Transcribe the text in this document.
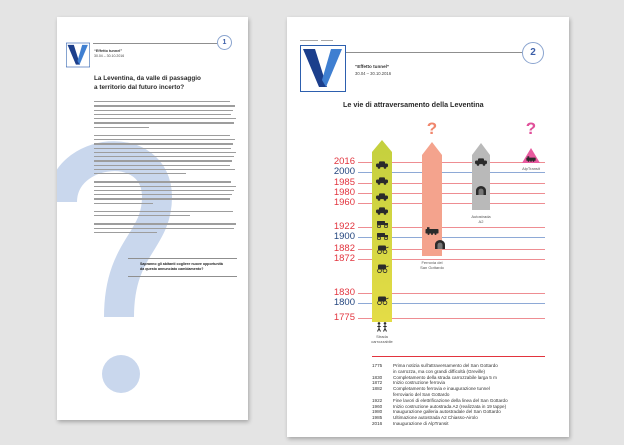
1
“Effetto tunnel”
30.04 – 30.10.2016
La Leventina, da valle di passaggio
a territorio dal futuro incerto?
Sapranno gli abitanti cogliere nuove opportunità
da questo annunciato cambiamento?
2
“Effetto tunnel”
30.04 – 30.10.2016
Le vie di attraversamento della Leventina
2016
2000
1985
1980
1960
1922
1900
1882
1872
1830
1800
1775
?	?
Strada
carrozzabile
Ferrovia del
San Gottardo
Autostrada
A2
AlpTransit
1775	Prima notizia sull'attraversamento del San Gottardo
in carrozza, ma con grandi difficoltà (Greville)
1830	Completamento della strada carrozzabile larga 5 m
1872	Inizio costruzione ferrovia
1882	Completamento ferrovia e inaugurazione tunnel
ferroviario del San Gottardo
1922	Fine lavori di elettrificazione della linea del San Gottardo
1960	Inizio costruzione autostrada A2 (realizzata in 19 tappe)
1980	Inaugurazione galleria autostradale del San Gottardo
1985	Ultimazione autostrada A2 Chiasso-Airolo
2016	Inaugurazione di AlpTransit
